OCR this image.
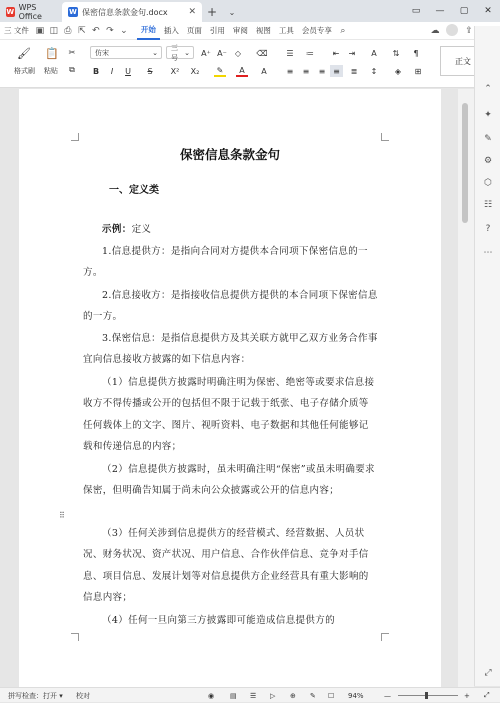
W WPS Office	W 保密信息条款金句.docx ✕ +	⌄	▭	—	▢	✕
三 文件 ▣ ◫ ⎙ ⇱ ↶ ↷ ⌄	开始	插入	页面	引用	审阅	视图	工具	会员专享 ⌕	☁	⇪
🖌
格式刷
📋
粘贴
✂
⧉
仿宋	⌄
三号
⌄ A⁺ A⁻	◇	⌫
B	I	U	S	X²	X₂	✎	A	A
☰	≔	⇤	⇥	A	⇅	¶
≡	≡	≡ ≡	≣	↕	◈	⊞
正文
保密信息条款金句
一、定义类
示例：定义
1.信息提供方：是指向合同对方提供本合同项下保密信息的一方。
2.信息接收方：是指接收信息提供方提供的本合同项下保密信息的一方。
3.保密信息：是指信息提供方及其关联方就甲乙双方业务合作事宜向信息接收方披露的如下信息内容：
（1）信息提供方披露时明确注明为保密、绝密等或要求信息接收方不得传播或公开的包括但不限于记载于纸张、电子存储介质等任何载体上的文字、图片、视听资料、电子数据和其他任何能够记载和传递信息的内容；
（2）信息提供方披露时，虽未明确注明“保密”或虽未明确要求保密，但明确告知属于尚未向公众披露或公开的信息内容；
（3）任何关涉到信息提供方的经营模式、经营数据、人员状况、财务状况、资产状况、用户信息、合作伙伴信息、竞争对手信息、项目信息、发展计划等对信息提供方企业经营具有重大影响的信息内容；
（4）任何一旦向第三方披露即可能造成信息提供方的
⠿
⌃
✦
✎
⚙
⬡
☷
?
⋯
⤢
拼写检查：打开 ▾ 校对	◉ ▤ ☰ ▷ ⊕ ✎ ☐ 94%	—	+ ⤢
